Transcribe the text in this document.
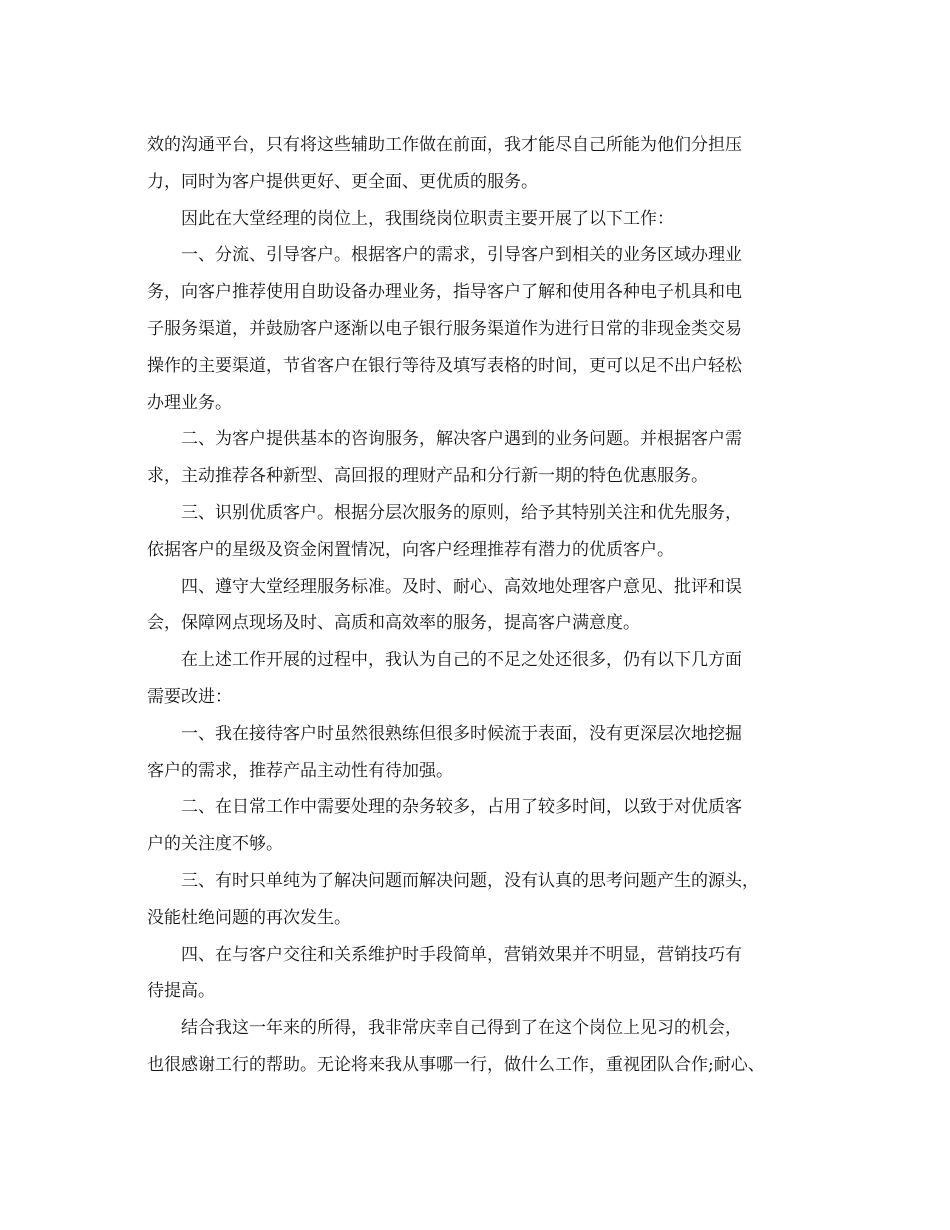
效的沟通平台，只有将这些辅助工作做在前面，我才能尽自己所能为他们分担压
力，同时为客户提供更好、更全面、更优质的服务。
因此在大堂经理的岗位上，我围绕岗位职责主要开展了以下工作：
一、分流、引导客户。根据客户的需求，引导客户到相关的业务区域办理业
务，向客户推荐使用自助设备办理业务，指导客户了解和使用各种电子机具和电
子服务渠道，并鼓励客户逐渐以电子银行服务渠道作为进行日常的非现金类交易
操作的主要渠道，节省客户在银行等待及填写表格的时间，更可以足不出户轻松
办理业务。
二、为客户提供基本的咨询服务，解决客户遇到的业务问题。并根据客户需
求，主动推荐各种新型、高回报的理财产品和分行新一期的特色优惠服务。
三、识别优质客户。根据分层次服务的原则，给予其特别关注和优先服务，
依据客户的星级及资金闲置情况，向客户经理推荐有潜力的优质客户。
四、遵守大堂经理服务标准。及时、耐心、高效地处理客户意见、批评和误
会，保障网点现场及时、高质和高效率的服务，提高客户满意度。
在上述工作开展的过程中，我认为自己的不足之处还很多，仍有以下几方面
需要改进：
一、我在接待客户时虽然很熟练但很多时候流于表面，没有更深层次地挖掘
客户的需求，推荐产品主动性有待加强。
二、在日常工作中需要处理的杂务较多，占用了较多时间，以致于对优质客
户的关注度不够。
三、有时只单纯为了解决问题而解决问题，没有认真的思考问题产生的源头，
没能杜绝问题的再次发生。
四、在与客户交往和关系维护时手段简单，营销效果并不明显，营销技巧有
待提高。
结合我这一年来的所得，我非常庆幸自己得到了在这个岗位上见习的机会，
也很感谢工行的帮助。无论将来我从事哪一行，做什么工作，重视团队合作;耐心、
